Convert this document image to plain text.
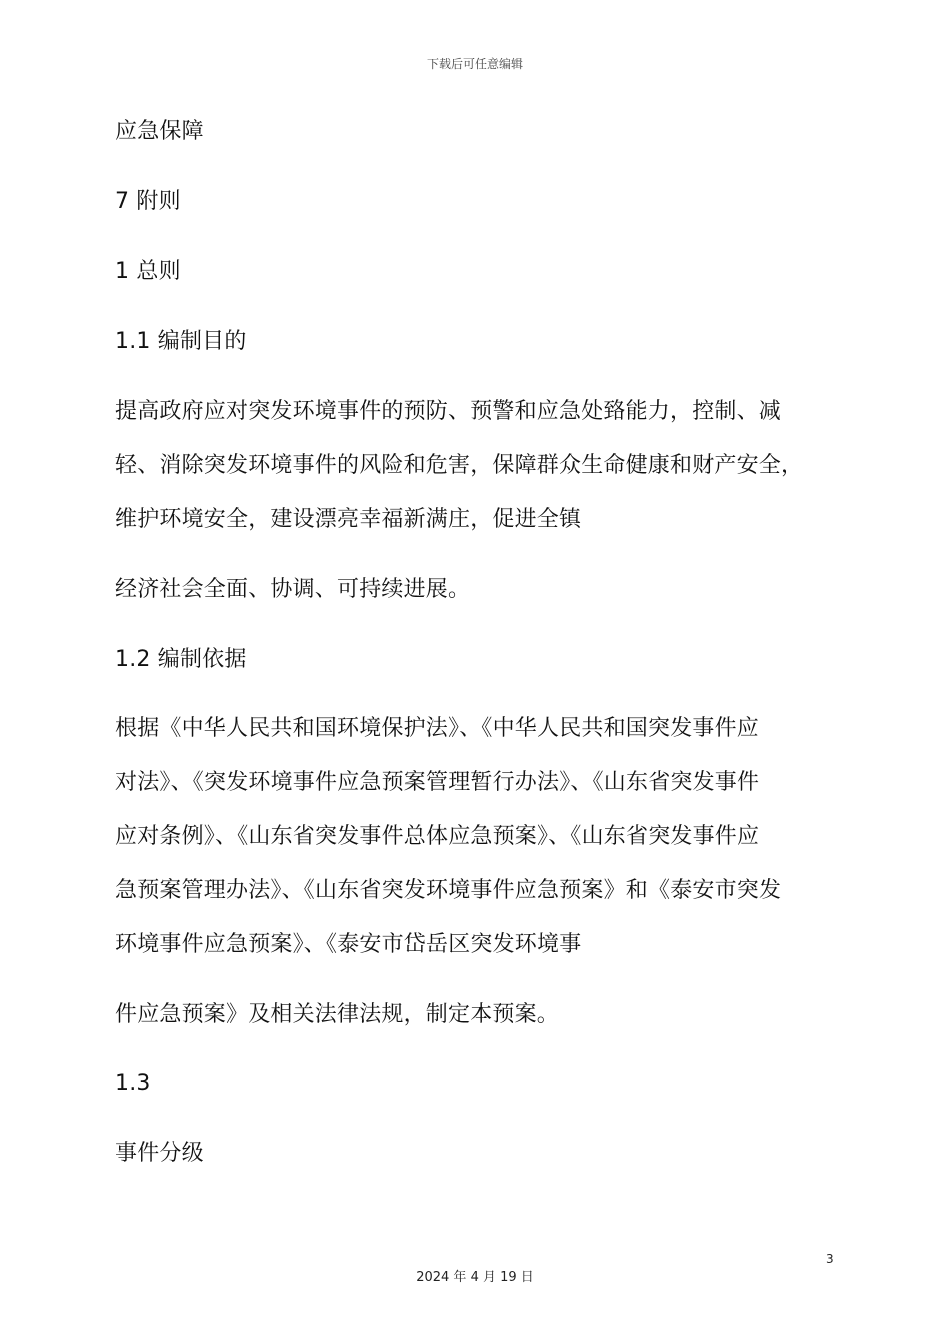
下载后可任意编辑
应急保障
7 附则
1 总则
1.1 编制目的
提高政府应对突发环境事件的预防、预警和应急处臵能力，控制、减
轻、消除突发环境事件的风险和危害，保障群众生命健康和财产安全，
维护环境安全，建设漂亮幸福新满庄，促进全镇
经济社会全面、协调、可持续进展。
1.2 编制依据
根据《中华人民共和国环境保护法》、《中华人民共和国突发事件应
对法》、《突发环境事件应急预案管理暂行办法》、《山东省突发事件
应对条例》、《山东省突发事件总体应急预案》、《山东省突发事件应
急预案管理办法》、《山东省突发环境事件应急预案》和《泰安市突发
环境事件应急预案》、《泰安市岱岳区突发环境事
件应急预案》及相关法律法规，制定本预案。
1.3
事件分级
3
2024 年 4 月 19 日
